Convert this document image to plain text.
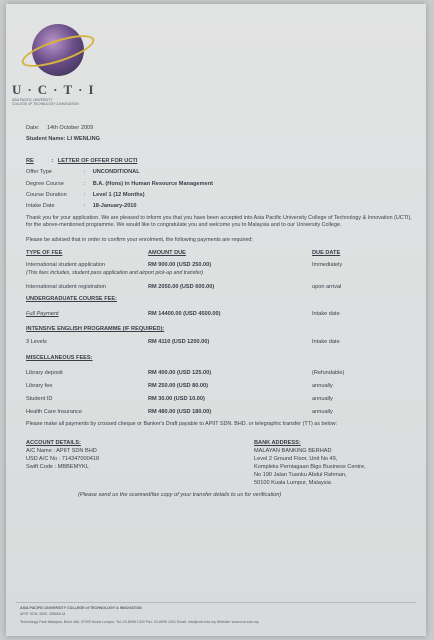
U·C·T·I
ASIA PACIFIC UNIVERSITY
COLLEGE OF TECHNOLOGY & INNOVATION
Date: 14th October 2009
Student Name: LI WENLING
RE	: LETTER OF OFFER FOR UCTI
Offer Type	: UNCONDITIONAL
Degree Course	: B.A. (Hons) in Human Resource Management
Course Duration	: Level 1 (12 Months)
Intake Date	: 18-January-2010
Thank you for your application. We are pleased to inform you that you have been accepted into Asia Pacific University College of Technology & Innovation (UCTI), for the above-mentioned programme. We would like to congratulate you and welcome you to Malaysia and to our University College.
Please be advised that in order to confirm your enrolment, the following payments are required:
TYPE OF FEE	AMOUNT DUE	DUE DATE
International student application	RM 900.00 (USD 250.00)	Immediately
(This fees includes, student pass application and airport pick-up and transfer)
International student registration	RM 2050.00 (USD 600.00)	upon arrival
UNDERGRADUATE COURSE FEE:
Full Payment	RM 14400.00 (USD 4500.00)	Intake date
INTENSIVE ENGLISH PROGRAMME (IF REQUIRED):
3 Levels	RM 4110 (USD 1200.00)	Intake date
MISCELLANEOUS FEES:
Library deposit	RM 400.00 (USD 125.00)	(Refundable)
Library fee	RM 250.00 (USD 80.00)	annually
Student ID	RM 30.00 (USD 10.00)	annually
Health Care Insurance	RM 480.00 (USD 180.00)	annually
Please make all payments by crossed cheque or Banker's Draft payable to APIIT SDN. BHD. or telegraphic transfer (TT) as below:
ACCOUNT DETAILS:
A/C Name : APIIT SDN BHD
USD A/C No : 714347000418
Swift Code : MBBEMYKL
BANK ADDRESS:
MALAYAN BANKING BERHAD
Level 2 Ground Floor, Unit No 49,
Kompleks Perniagaan Bigo Business Centre,
No 190 Jalan Tuanku Abdul Rahman,
50100 Kuala Lumpur, Malaysia
(Please send us the scanned/fax copy of your transfer details to us for verification)
ASIA PACIFIC UNIVERSITY COLLEGE of TECHNOLOGY & INNOVATION
APIIT SDN. BHD. 255606-M
Technology Park Malaysia, Bukit Jalil, 57000 Kuala Lumpur. Tel: 03-8996 1000 Fax: 03-8996 1001 Email: info@ucti.edu.my Website: www.ucti.edu.my
